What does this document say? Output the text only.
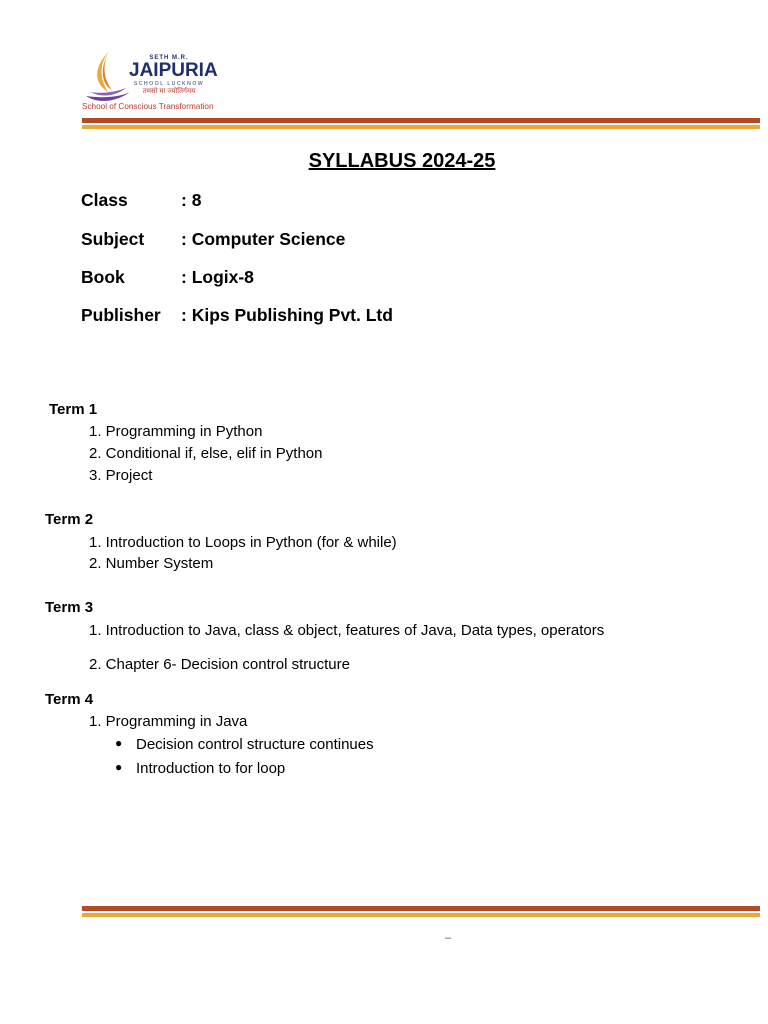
SETH M.R.
JAIPURIA
SCHOOL LUCKNOW
तमसो मा ज्योतिर्गमय
School of Conscious Transformation
SYLLABUS 2024-25
Class	: 8
Subject : Computer Science
Book	: Logix-8
Publisher : Kips Publishing Pvt. Ltd
Term 1
1. Programming in Python
2. Conditional if, else, elif in Python
3. Project
Term 2
1. Introduction to Loops in Python (for & while)
2. Number System
Term 3
1. Introduction to Java, class & object, features of Java, Data types, operators
2. Chapter 6- Decision control structure
Term 4
1. Programming in Java
● Decision control structure continues
● Introduction to for loop
–
